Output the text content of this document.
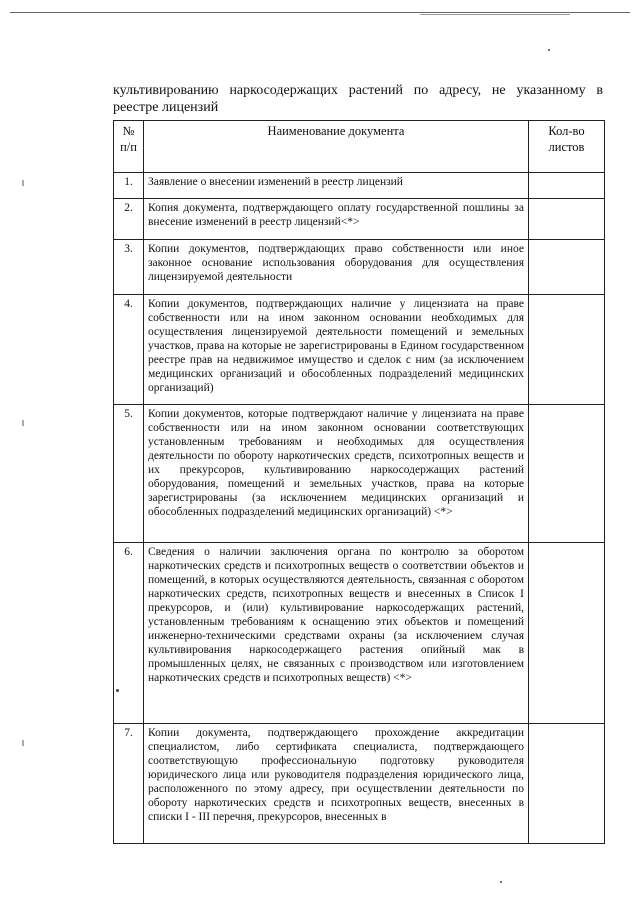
культивированию наркосодержащих растений по адресу, не указанному в
реестре лицензий
№ п/п	Наименование документа	Кол-во листов
1.	Заявление о внесении изменений в реестр лицензий	
2.	Копия документа, подтверждающего оплату государственной пошлины за внесение изменений в реестр лицензий<*>	
3.	Копии документов, подтверждающих право собственности или иное законное основание использования оборудования для осуществления лицензируемой деятельности	
4.	Копии документов, подтверждающих наличие у лицензиата на праве собственности или на ином законном основании необходимых для осуществления лицензируемой деятельности помещений и земельных участков, права на которые не зарегистрированы в Едином государственном реестре прав на недвижимое имущество и сделок с ним (за исключением медицинских организаций и обособленных подразделений медицинских организаций)	
5.	Копии документов, которые подтверждают наличие у лицензиата на праве собственности или на ином законном основании соответствующих установленным требованиям и необходимых для осуществления деятельности по обороту наркотических средств, психотропных веществ и их прекурсоров, культивированию наркосодержащих растений оборудования, помещений и земельных участков, права на которые зарегистрированы (за исключением медицинских организаций и обособленных подразделений медицинских организаций) <*>	
6.	Сведения о наличии заключения органа по контролю за оборотом наркотических средств и психотропных веществ о соответствии объектов и помещений, в которых осуществляются деятельность, связанная с оборотом наркотических средств, психотропных веществ и внесенных в Список I прекурсоров, и (или) культивирование наркосодержащих растений, установленным требованиям к оснащению этих объектов и помещений инженерно-техническими средствами охраны (за исключением случая культивирования наркосодержащего растения опийный мак в промышленных целях, не связанных с производством или изготовлением наркотических средств и психотропных веществ) <*>	
7.	Копии документа, подтверждающего прохождение аккредитации специалистом, либо сертификата специалиста, подтверждающего соответствующую профессиональную подготовку руководителя юридического лица или руководителя подразделения юридического лица, расположенного по этому адресу, при осуществлении деятельности по обороту наркотических средств и психотропных веществ, внесенных в списки I - III перечня, прекурсоров, внесенных в	
